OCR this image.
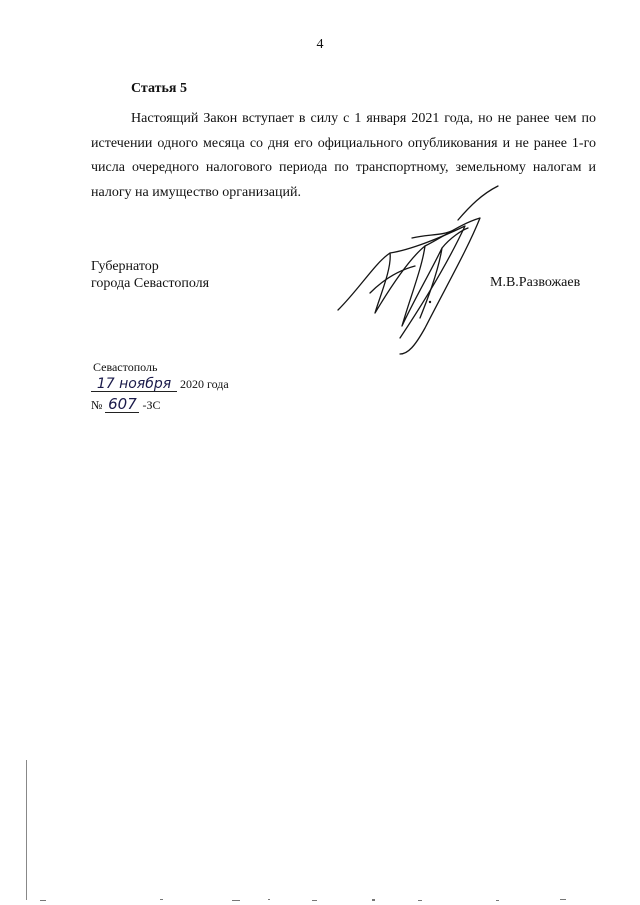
4
Статья 5

Настоящий Закон вступает в силу с 1 января 2021 года, но не ранее чем по истечении одного месяца со дня его официального опубликования и не ранее 1-го числа очередного налогового периода по транспортному, земельному налогам и налогу на имущество организаций.

Губернатор
города Севастополя	М.В.Развожаев
Севастополь
17 ноября 2020 года
№ 607 -ЗС
